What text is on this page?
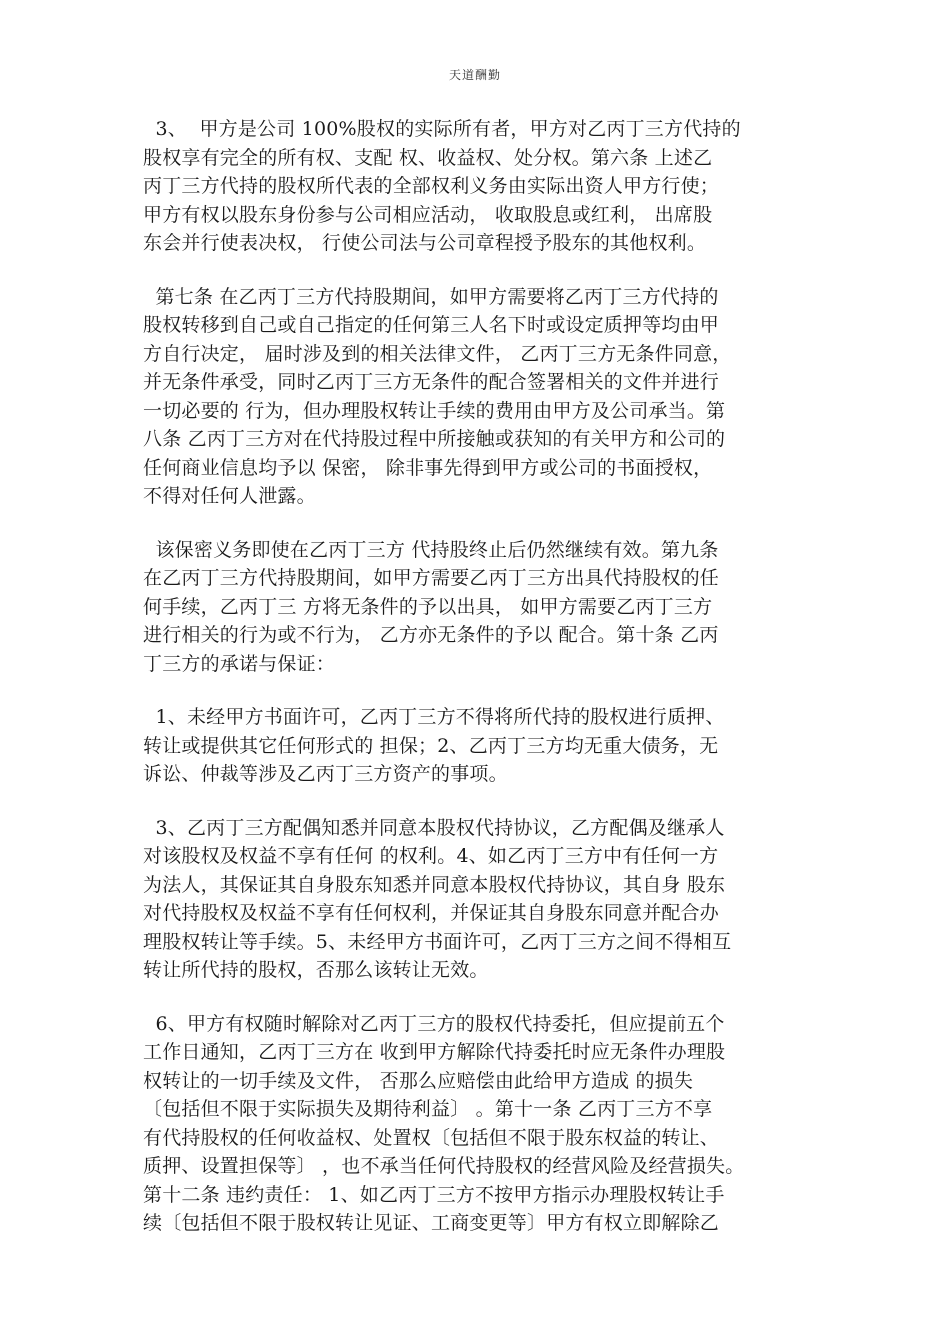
天道酬勤

3、  甲方是公司 100%股权的实际所有者，甲方对乙丙丁三方代持的
股权享有完全的所有权、支配 权、收益权、处分权。第六条 上述乙
丙丁三方代持的股权所代表的全部权利义务由实际出资人甲方行使；
甲方有权以股东身份参与公司相应活动， 收取股息或红利， 出席股
东会并行使表决权， 行使公司法与公司章程授予股东的其他权利。

第七条 在乙丙丁三方代持股期间，如甲方需要将乙丙丁三方代持的
股权转移到自己或自己指定的任何第三人名下时或设定质押等均由甲
方自行决定， 届时涉及到的相关法律文件， 乙丙丁三方无条件同意，
并无条件承受，同时乙丙丁三方无条件的配合签署相关的文件并进行
一切必要的 行为，但办理股权转让手续的费用由甲方及公司承当。第
八条 乙丙丁三方对在代持股过程中所接触或获知的有关甲方和公司的
任何商业信息均予以 保密， 除非事先得到甲方或公司的书面授权，
不得对任何人泄露。

该保密义务即使在乙丙丁三方 代持股终止后仍然继续有效。第九条
在乙丙丁三方代持股期间，如甲方需要乙丙丁三方出具代持股权的任
何手续，乙丙丁三 方将无条件的予以出具， 如甲方需要乙丙丁三方
进行相关的行为或不行为， 乙方亦无条件的予以 配合。第十条 乙丙
丁三方的承诺与保证：

1、未经甲方书面许可，乙丙丁三方不得将所代持的股权进行质押、
转让或提供其它任何形式的 担保；2、乙丙丁三方均无重大债务，无
诉讼、仲裁等涉及乙丙丁三方资产的事项。

3、乙丙丁三方配偶知悉并同意本股权代持协议，乙方配偶及继承人
对该股权及权益不享有任何 的权利。4、如乙丙丁三方中有任何一方
为法人，其保证其自身股东知悉并同意本股权代持协议，其自身 股东
对代持股权及权益不享有任何权利，并保证其自身股东同意并配合办
理股权转让等手续。5、未经甲方书面许可，乙丙丁三方之间不得相互
转让所代持的股权，否那么该转让无效。

6、甲方有权随时解除对乙丙丁三方的股权代持委托，但应提前五个
工作日通知，乙丙丁三方在 收到甲方解除代持委托时应无条件办理股
权转让的一切手续及文件， 否那么应赔偿由此给甲方造成 的损失
〔包括但不限于实际损失及期待利益〕 。第十一条 乙丙丁三方不享
有代持股权的任何收益权、处置权〔包括但不限于股东权益的转让、
质押、设置担保等〕 ，也不承当任何代持股权的经营风险及经营损失。
第十二条 违约责任： 1、如乙丙丁三方不按甲方指示办理股权转让手
续〔包括但不限于股权转让见证、工商变更等〕甲方有权立即解除乙
